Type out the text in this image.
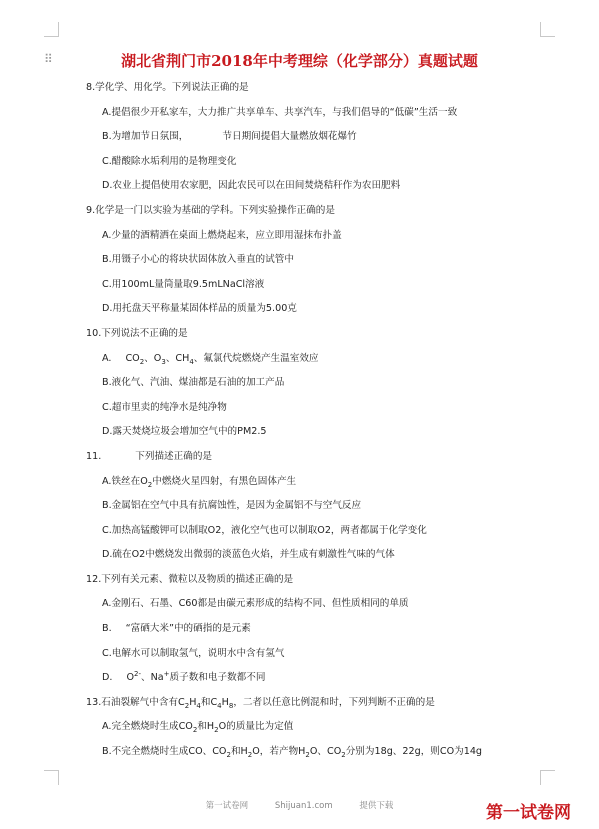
⠿	湖北省荆门市2018年中考理综（化学部分）真题试题
8.学化学、用化学。下列说法正确的是
A.提倡很少开私家车，大力推广共享单车、共享汽车，与我们倡导的“低碳”生活一致
B.为增加节日氛围，	节日期间提倡大量燃放烟花爆竹
C.醋酸除水垢利用的是物理变化
D.农业上提倡使用农家肥，因此农民可以在田间焚烧秸秆作为农田肥料
9.化学是一门以实验为基础的学科。下列实验操作正确的是
A.少量的酒精洒在桌面上燃烧起来，应立即用湿抹布扑盖
B.用镊子小心的将块状固体放入垂直的试管中
C.用100mL量筒量取9.5mLNaCl溶液
D.用托盘天平称量某固体样品的质量为5.00克
10.下列说法不正确的是
A. $CO_2$、$O_3$、$CH_4$、氟氯代烷燃烧产生温室效应
B.液化气、汽油、煤油都是石油的加工产品
C.超市里卖的纯净水是纯净物
D.露天焚烧垃圾会增加空气中的PM2.5
11.	下列描述正确的是
A.铁丝在$O_2$中燃烧火星四射，有黑色固体产生
B.金属铝在空气中具有抗腐蚀性，是因为金属铝不与空气反应
C.加热高锰酸钾可以制取O2，液化空气也可以制取O2，两者都属于化学变化
D.硫在O2中燃烧发出微弱的淡蓝色火焰，并生成有刺激性气味的气体
12.下列有关元素、微粒以及物质的描述正确的是
A.金刚石、石墨、C60都是由碳元素形成的结构不同、但性质相同的单质
B. “富硒大米”中的硒指的是元素
C.电解水可以制取氢气，说明水中含有氢气
D. $O^{2-}$、Na+质子数和电子数都不同
13.石油裂解气中含有$C_2H_4$和$C_4H_8$，二者以任意比例混和时，下列判断不正确的是
A.完全燃烧时生成$CO_2$和$H_2O$的质量比为定值
B.不完全燃烧时生成CO、$CO_2$和$H_2O$，若产物$H_2O$、$CO_2$分别为18g、22g，则CO为14g
第一试卷网	Shijuan1.com	提供下载	第一试卷网
